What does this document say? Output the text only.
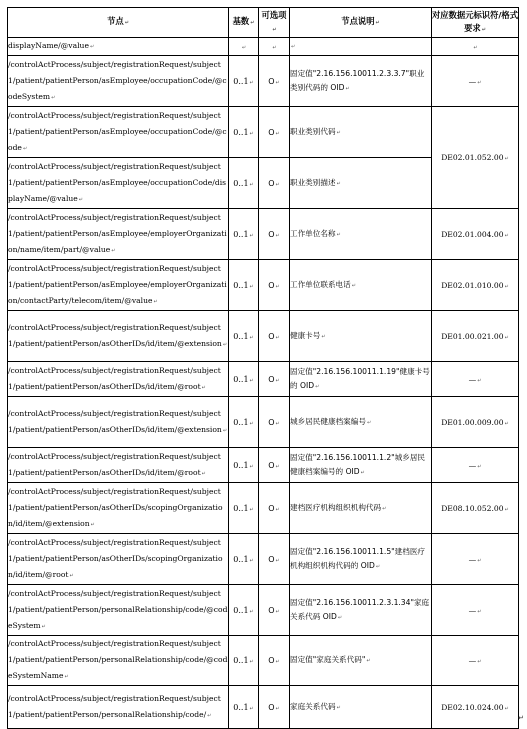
节点↵	基数↵	可选项↵	节点说明↵	对应数据元标识符/格式要求↵
displayName/@value↵	↵	↵	↵	↵
/controlActProcess/subject/registrationRequest/subject1/patient/patientPerson/asEmployee/occupationCode/@codeSystem↵	0..1↵	O↵	固定值"2.16.156.10011.2.3.3.7"职业类别代码的 OID↵	—↵
/controlActProcess/subject/registrationRequest/subject1/patient/patientPerson/asEmployee/occupationCode/@code↵	0..1↵	O↵	职业类别代码↵	DE02.01.052.00↵
/controlActProcess/subject/registrationRequest/subject1/patient/patientPerson/asEmployee/occupationCode/displayName/@value↵	0..1↵	O↵	职业类别描述↵	
/controlActProcess/subject/registrationRequest/subject1/patient/patientPerson/asEmployee/employerOrganization/name/item/part/@value↵	0..1↵	O↵	工作单位名称↵	DE02.01.004.00↵
/controlActProcess/subject/registrationRequest/subject1/patient/patientPerson/asEmployee/employerOrganization/contactParty/telecom/item/@value↵	0..1↵	O↵	工作单位联系电话↵	DE02.01.010.00↵
/controlActProcess/subject/registrationRequest/subject1/patient/patientPerson/asOtherIDs/id/item/@extension↵	0..1↵	O↵	健康卡号↵	DE01.00.021.00↵
/controlActProcess/subject/registrationRequest/subject1/patient/patientPerson/asOtherIDs/id/item/@root↵	0..1↵	O↵	固定值"2.16.156.10011.1.19"健康卡号的 OID↵	—↵
/controlActProcess/subject/registrationRequest/subject1/patient/patientPerson/asOtherIDs/id/item/@extension↵	0..1↵	O↵	城乡居民健康档案编号↵	DE01.00.009.00↵
/controlActProcess/subject/registrationRequest/subject1/patient/patientPerson/asOtherIDs/id/item/@root↵	0..1↵	O↵	固定值"2.16.156.10011.1.2"城乡居民健康档案编号的 OID↵	—↵
/controlActProcess/subject/registrationRequest/subject1/patient/patientPerson/asOtherIDs/scopingOrganization/id/item/@extension↵	0..1↵	O↵	建档医疗机构组织机构代码↵	DE08.10.052.00↵
/controlActProcess/subject/registrationRequest/subject1/patient/patientPerson/asOtherIDs/scopingOrganization/id/item/@root↵	0..1↵	O↵	固定值"2.16.156.10011.1.5"建档医疗机构组织机构代码的 OID↵	—↵
/controlActProcess/subject/registrationRequest/subject1/patient/patientPerson/personalRelationship/code/@codeSystem↵	0..1↵	O↵	固定值"2.16.156.10011.2.3.1.34"家庭关系代码 OID↵	—↵
/controlActProcess/subject/registrationRequest/subject1/patient/patientPerson/personalRelationship/code/@codeSystemName↵	0..1↵	O↵	固定值"家庭关系代码"↵	—↵
/controlActProcess/subject/registrationRequest/subject1/patient/patientPerson/personalRelationship/code/↵	0..1↵	O↵	家庭关系代码↵	DE02.10.024.00↵
↵
